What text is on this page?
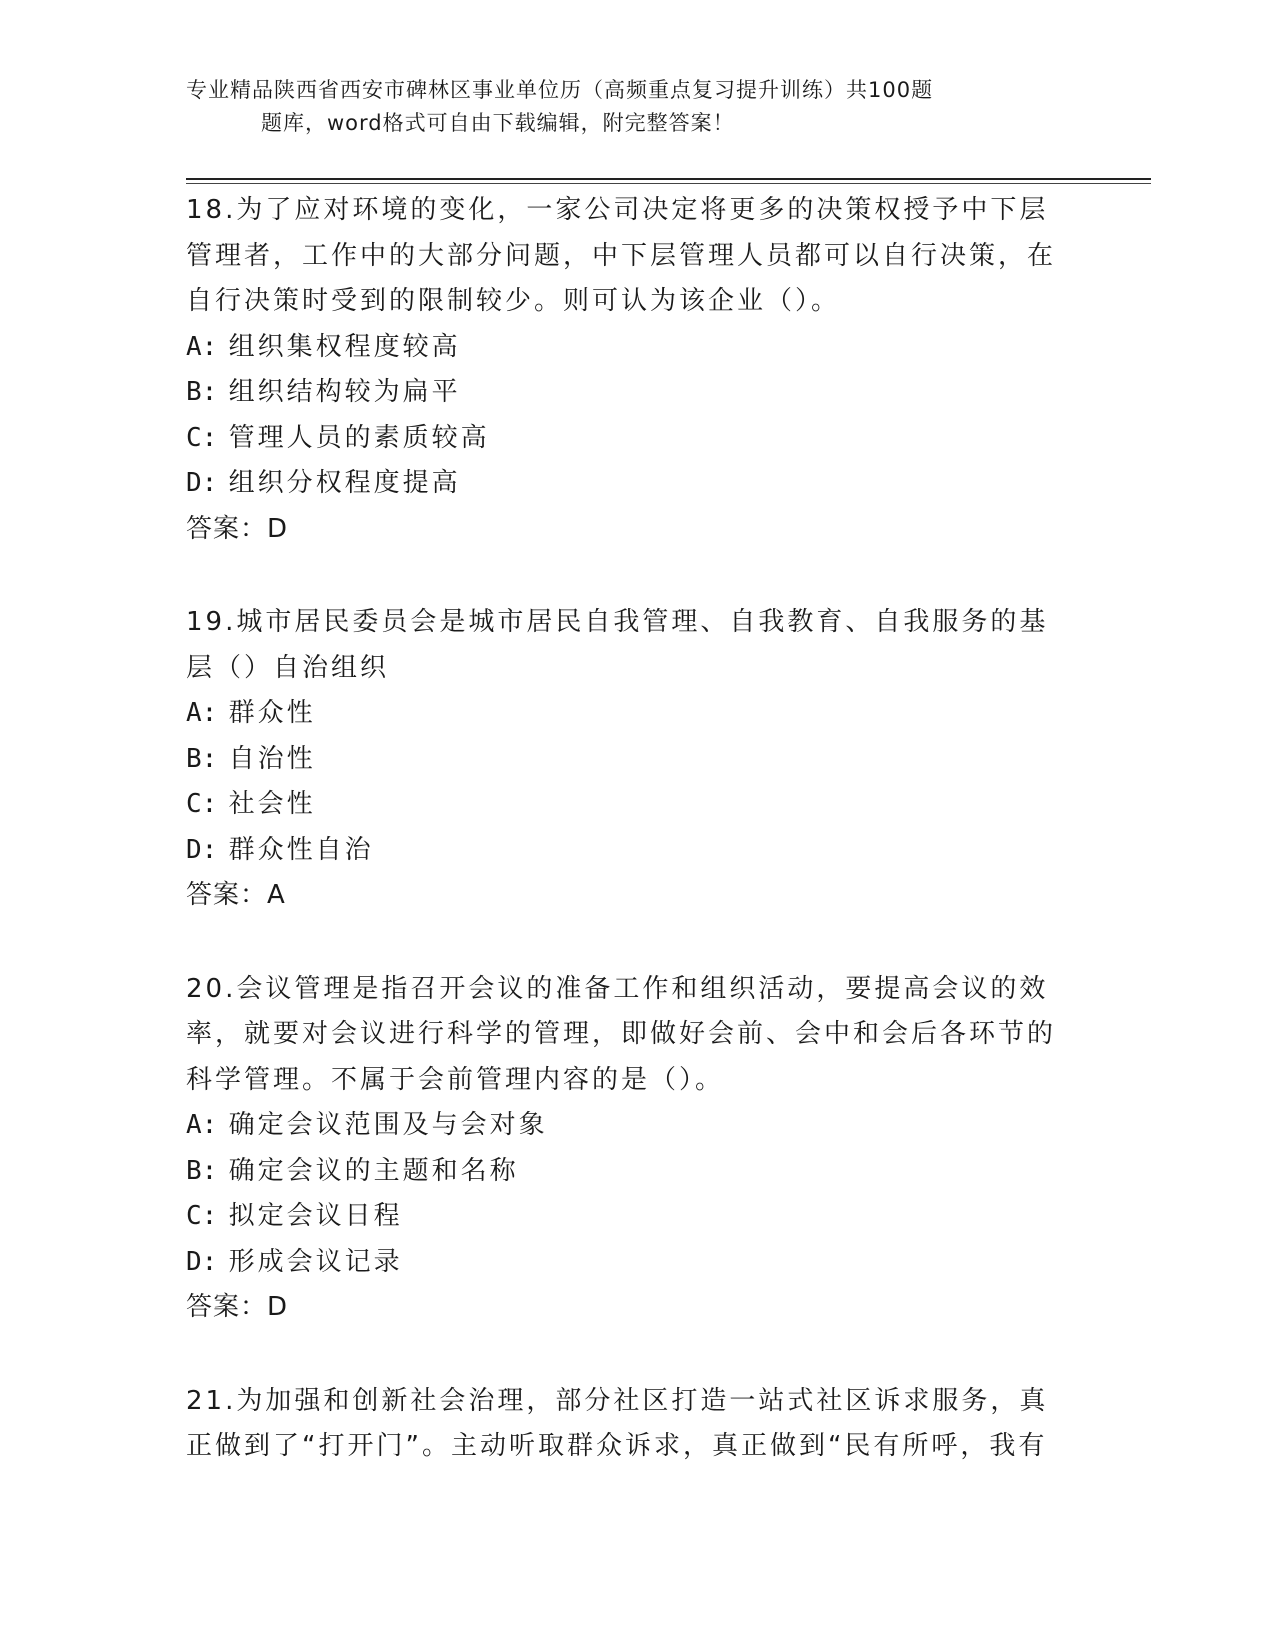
专业精品陕西省西安市碑林区事业单位历（高频重点复习提升训练）共100题
题库，word格式可自由下载编辑，附完整答案！

18.为了应对环境的变化，一家公司决定将更多的决策权授予中下层管理者，工作中的大部分问题，中下层管理人员都可以自行决策，在自行决策时受到的限制较少。则可认为该企业（）。

A: 组织集权程度较高

B: 组织结构较为扁平

C: 管理人员的素质较高

D: 组织分权程度提高

答案：D

19.城市居民委员会是城市居民自我管理、自我教育、自我服务的基层（）自治组织

A: 群众性

B: 自治性

C: 社会性

D: 群众性自治

答案：A

20.会议管理是指召开会议的准备工作和组织活动，要提高会议的效率，就要对会议进行科学的管理，即做好会前、会中和会后各环节的科学管理。不属于会前管理内容的是（）。

A: 确定会议范围及与会对象

B: 确定会议的主题和名称

C: 拟定会议日程

D: 形成会议记录

答案：D

21.为加强和创新社会治理，部分社区打造一站式社区诉求服务，真正做到了“打开门”。主动听取群众诉求，真正做到“民有所呼，我有
